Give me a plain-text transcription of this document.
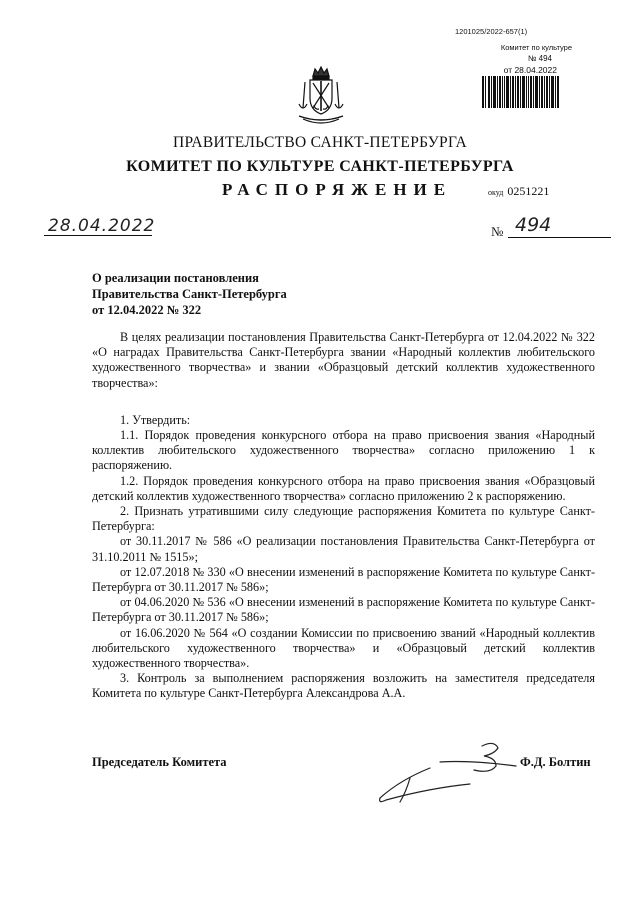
1201025/2022-657(1)
Комитет по культуре
№ 494
от 28.04.2022
ПРАВИТЕЛЬСТВО САНКТ-ПЕТЕРБУРГА
КОМИТЕТ ПО КУЛЬТУРЕ САНКТ-ПЕТЕРБУРГА
РАСПОРЯЖЕНИЕ	окуд 0251221
28.04.2022	№ 494
О реализации постановления
Правительства Санкт-Петербурга
от 12.04.2022 № 322

В целях реализации постановления Правительства Санкт-Петербурга от 12.04.2022 № 322 «О наградах Правительства Санкт-Петербурга звании «Народный коллектив любительского художественного творчества» и звании «Образцовый детский коллектив художественного творчества»:

1. Утвердить:

1.1. Порядок проведения конкурсного отбора на право присвоения звания «Народный коллектив любительского художественного творчества» согласно приложению 1 к распоряжению.

1.2. Порядок проведения конкурсного отбора на право присвоения звания «Образцовый детский коллектив художественного творчества» согласно приложению 2 к распоряжению.

2. Признать утратившими силу следующие распоряжения Комитета по культуре Санкт-Петербурга:

от 30.11.2017 № 586 «О реализации постановления Правительства Санкт-Петербурга от 31.10.2011 № 1515»;

от 12.07.2018 № 330 «О внесении изменений в распоряжение Комитета по культуре Санкт-Петербурга от 30.11.2017 № 586»;

от 04.06.2020 № 536 «О внесении изменений в распоряжение Комитета по культуре Санкт-Петербурга от 30.11.2017 № 586»;

от 16.06.2020 № 564 «О создании Комиссии по присвоению званий «Народный коллектив любительского художественного творчества» и «Образцовый детский коллектив художественного творчества».

3. Контроль за выполнением распоряжения возложить на заместителя председателя Комитета по культуре Санкт-Петербурга Александрова А.А.

Председатель Комитета	Ф.Д. Болтин
